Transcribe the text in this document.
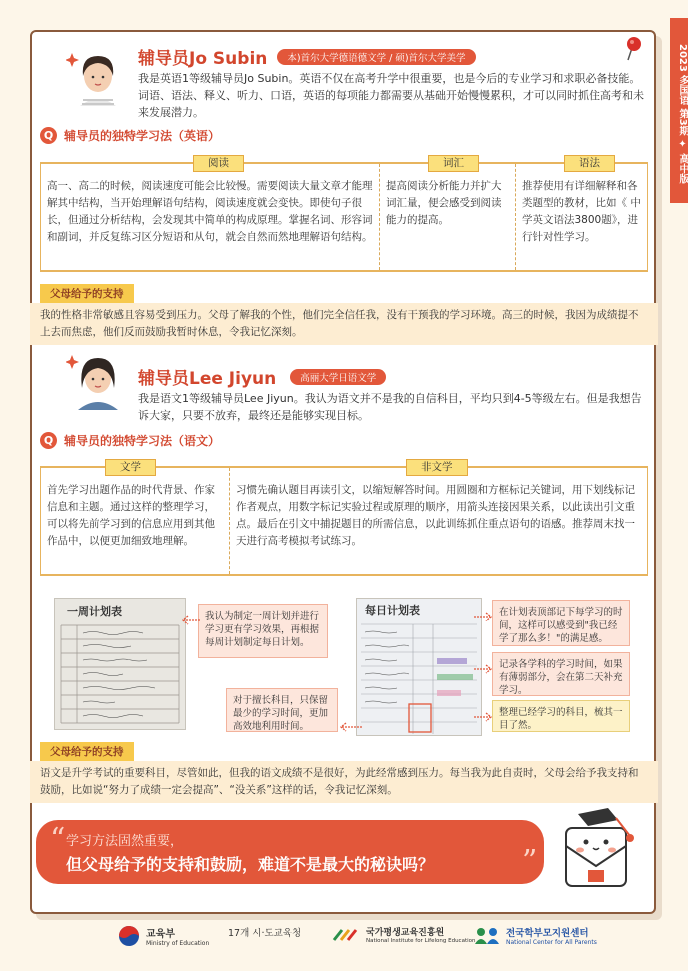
2023 多国语 第3期 ✦ 高中版
辅导员Jo Subin	本)首尔大学德语德文学 / 硕)首尔大学美学
我是英语1等级辅导员Jo Subin。英语不仅在高考升学中很重要，也是今后的专业学习和求职必备技能。词语、语法、释义、听力、口语，英语的每项能力都需要从基础开始慢慢累积，才可以同时抓住高考和未来发展潜力。
Q 辅导员的独特学习法（英语）
阅读
高一、高二的时候，阅读速度可能会比较慢。需要阅读大量文章才能理解其中结构，当开始理解语句结构，阅读速度就会变快。即使句子很长，但通过分析结构，会发现其中简单的构成原理。掌握名词、形容词和副词，并反复练习区分短语和从句，就会自然而然地理解语句结构。
词汇
提高阅读分析能力并扩大词汇量，便会感受到阅读能力的提高。
语法
推荐使用有详细解释和各类题型的教材，比如《 中学英文语法3800题》，进行针对性学习。
父母给予的支持
我的性格非常敏感且容易受到压力。父母了解我的个性，他们完全信任我，没有干预我的学习环境。高三的时候，我因为成绩提不上去而焦虑，他们反而鼓励我暂时休息，令我记忆深刻。
辅导员Lee Jiyun	高丽大学日语文学
我是语文1等级辅导员Lee Jiyun。我认为语文并不是我的自信科目，平均只到4-5等级左右。但是我想告诉大家，只要不放弃，最终还是能够实现目标。
Q 辅导员的独特学习法（语文）
文学
首先学习出题作品的时代背景、作家信息和主题。通过这样的整理学习，可以将先前学习到的信息应用到其他作品中，以便更加细致地理解。
非文学
习惯先确认题目再读引文，以缩短解答时间。用圆圈和方框标记关键词，用下划线标记作者观点，用数字标记实验过程或原理的顺序，用箭头连接因果关系，以此读出引文重点。最后在引文中捕捉题目的所需信息，以此训练抓住重点语句的语感。推荐周末找一天进行高考模拟考试练习。
一周计划表	我认为制定一周计划并进行学习更有学习效果，再根据每周计划制定每日计划。
每日计划表	在计划表顶部记下每学习的时间，这样可以感受到"我已经学了那么多！"的满足感。
记录各学科的学习时间，如果有薄弱部分，会在第二天补充学习。
整理已经学习的科目，梳其一目了然。
对于擅长科目，只保留最少的学习时间，更加高效地利用时间。
父母给予的支持
语文是升学考试的重要科目，尽管如此，但我的语文成绩不是很好，为此经常感到压力。每当我为此自责时，父母会给予我支持和鼓励，比如说“努力了成绩一定会提高”、“没关系”这样的话，令我记忆深刻。
“ 学习方法固然重要，
但父母给予的支持和鼓励，难道不是最大的秘诀吗？	”
교육부
Ministry of Education
17개 시·도교육청	국가평생교육진흥원
National Institute for Lifelong Education
전국학부모지원센터
National Center for All Parents
